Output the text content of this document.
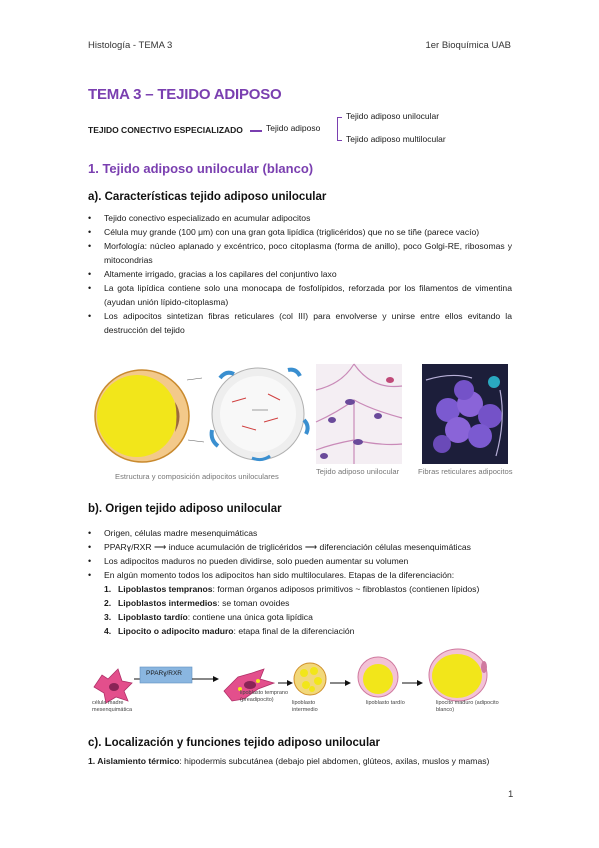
Histología - TEMA 3	1er Bioquímica UAB
TEMA 3 – TEJIDO ADIPOSO
TEJIDO CONECTIVO ESPECIALIZADO	Tejido adiposo
Tejido adiposo unilocular
Tejido adiposo multilocular
1. Tejido adiposo unilocular (blanco)
a). Características tejido adiposo unilocular
• Tejido conectivo especializado en acumular adipocitos
• Célula muy grande (100 μm) con una gran gota lipídica (triglicéridos) que no se tiñe (parece vacío)
• Morfología: núcleo aplanado y excéntrico, poco citoplasma (forma de anillo), poco Golgi-RE, ribosomas y mitocondrias
• Altamente irrigado, gracias a los capilares del conjuntivo laxo
• La gota lipídica contiene solo una monocapa de fosfolípidos, reforzada por los filamentos de vimentina (ayudan unión lípido-citoplasma)
• Los adipocitos sintetizan fibras reticulares (col III) para envolverse y unirse entre ellos evitando la destrucción del tejido
Estructura y composición adipocitos uniloculares
Tejido adiposo unilocular Fibras reticulares adipocitos
b). Origen tejido adiposo unilocular
• Origen, células madre mesenquimáticas
• PPARɣ/RXR ⟶ induce acumulación de triglicéridos ⟶ diferenciación células mesenquimáticas
• Los adipocitos maduros no pueden dividirse, solo pueden aumentar su volumen
• En algún momento todos los adipocitos han sido multiloculares. Etapas de la diferenciación:
1. Lipoblastos tempranos: forman órganos adiposos primitivos ~ fibroblastos (contienen lípidos)
2. Lipoblastos intermedios: se toman ovoides
3. Lipoblasto tardío: contiene una única gota lipídica
4. Lipocito o adipocito maduro: etapa final de la diferenciación
PPARɣ/RXR
célula madre mesenquimática
lipoblasto temprano (preadipocito)	lipoblasto intermedio
lipoblasto tardío	lipocito maduro (adipocito blanco)
c). Localización y funciones tejido adiposo unilocular
1. Aislamiento térmico: hipodermis subcutánea (debajo piel abdomen, glúteos, axilas, muslos y mamas)
1
